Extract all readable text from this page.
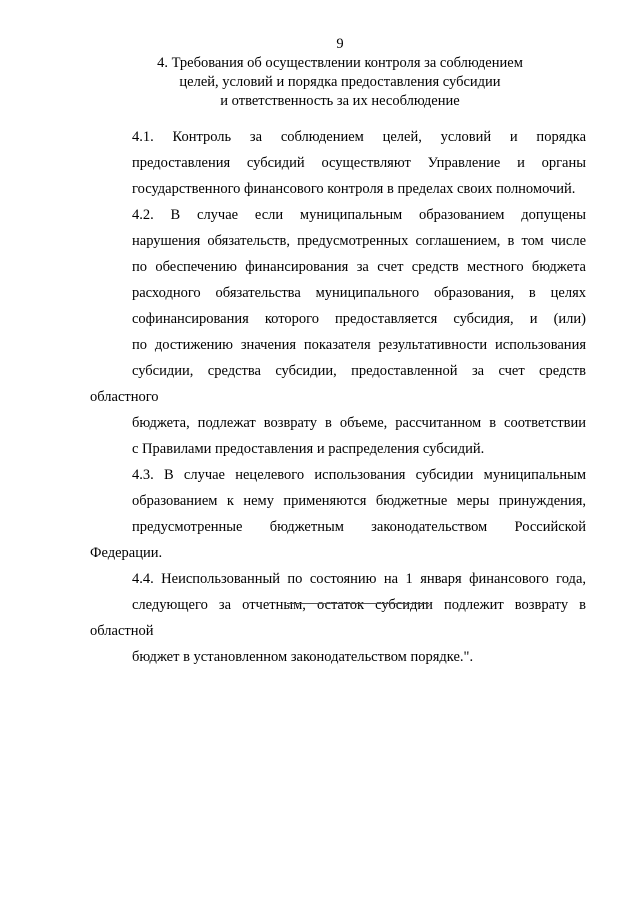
9
4. Требования об осуществлении контроля за соблюдением
целей, условий и порядка предоставления субсидии
и ответственность за их несоблюдение
4.1. Контроль за соблюдением целей, условий и порядка
предоставления субсидий осуществляют Управление и органы
государственного финансового контроля в пределах своих полномочий.
4.2. В случае если муниципальным образованием допущены
нарушения обязательств, предусмотренных соглашением, в том числе
по обеспечению финансирования за счет средств местного бюджета
расходного обязательства муниципального образования, в целях
софинансирования которого предоставляется субсидия, и (или)
по достижению значения показателя результативности использования
субсидии, средства субсидии, предоставленной за счет средств областного
бюджета, подлежат возврату в объеме, рассчитанном в соответствии
с Правилами предоставления и распределения субсидий.
4.3. В случае нецелевого использования субсидии муниципальным
образованием к нему применяются бюджетные меры принуждения,
предусмотренные бюджетным законодательством Российской Федерации.
4.4. Неиспользованный по состоянию на 1 января финансового года,
следующего за отчетным, остаток субсидии подлежит возврату в областной
бюджет в установленном законодательством порядке.".
